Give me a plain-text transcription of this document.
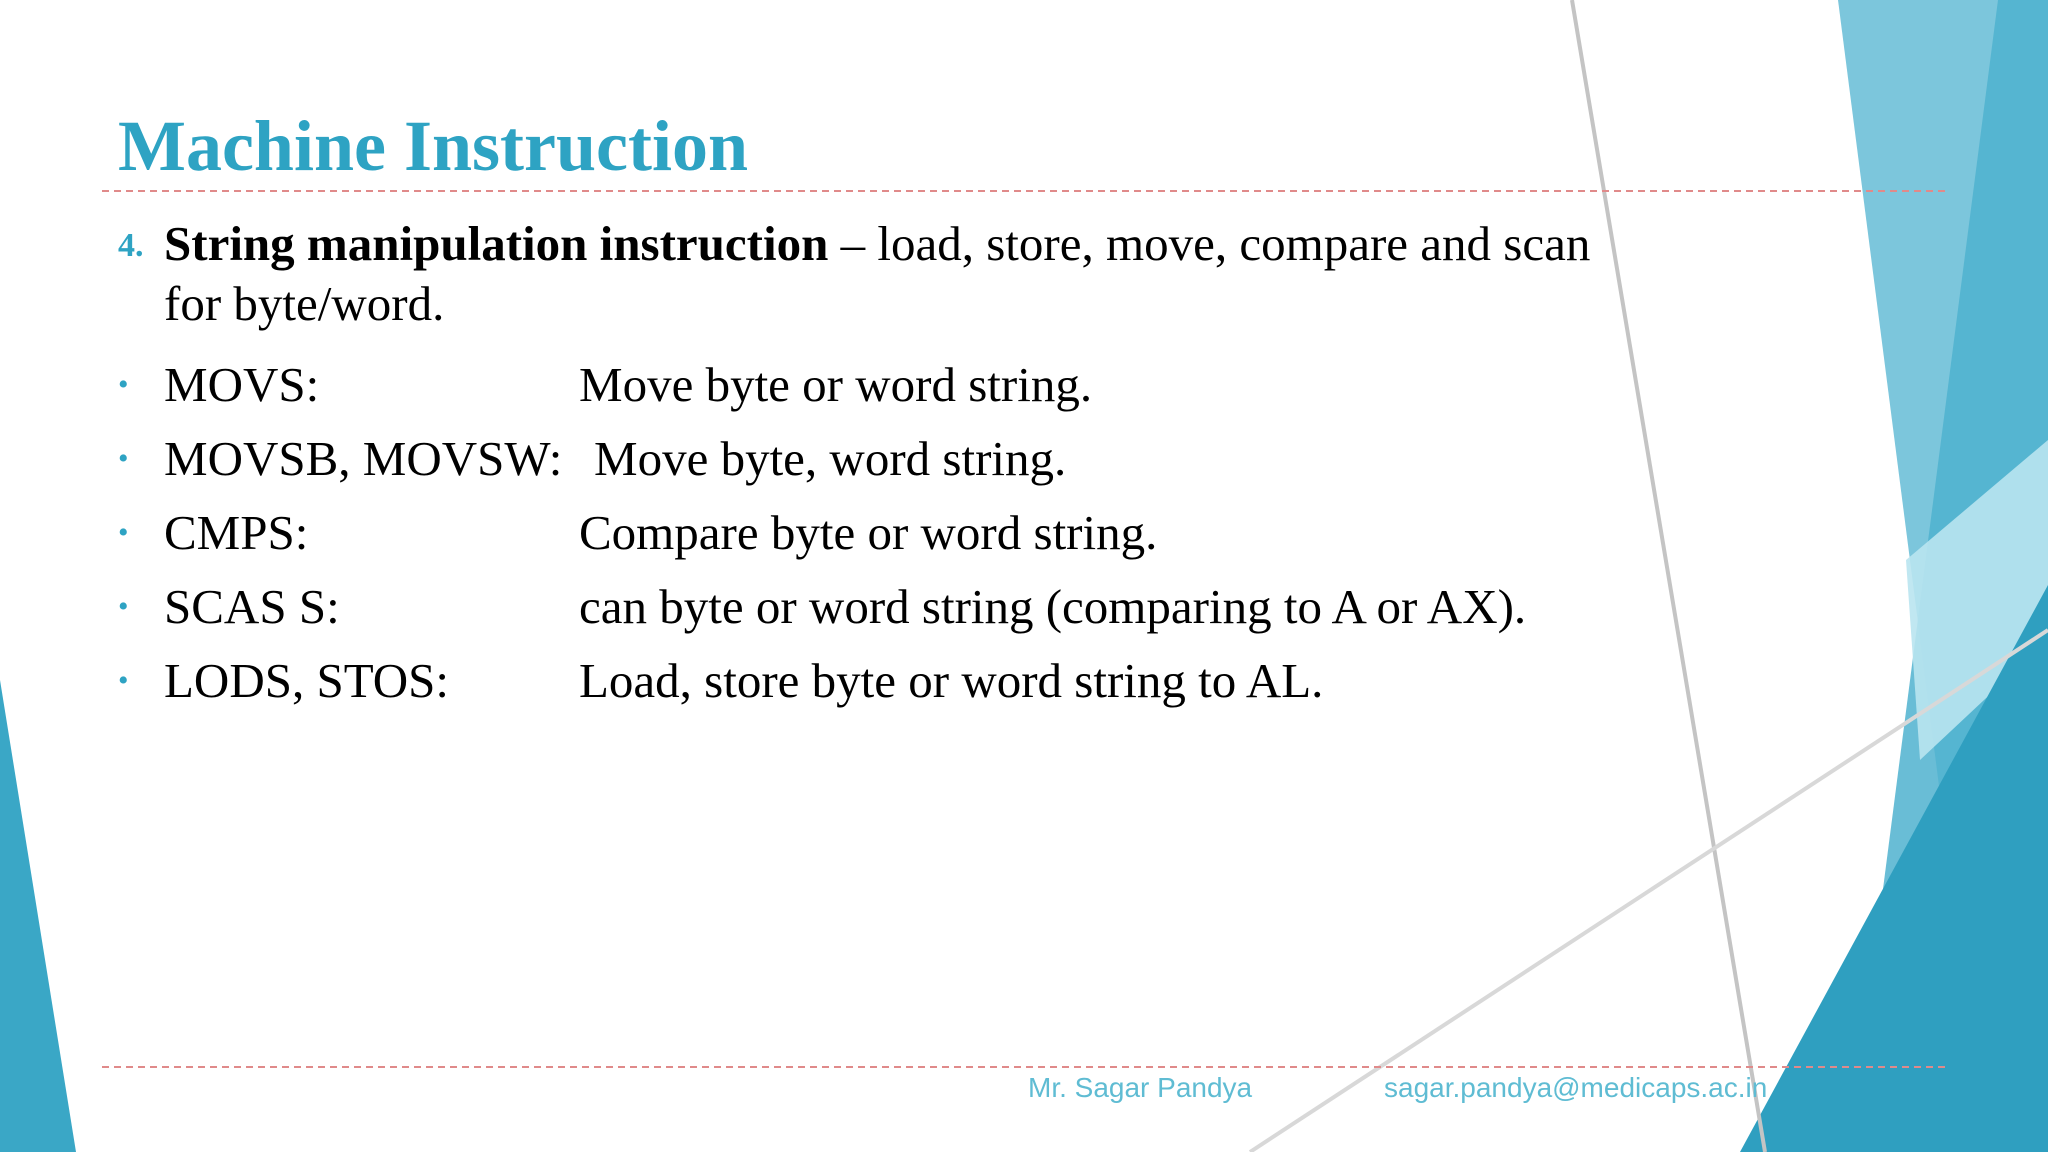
Machine Instruction
4. String manipulation instruction – load, store, move, compare and scan for byte/word.
• MOVS:	Move byte or word string.
• MOVSB, MOVSW: Move byte, word string.
• CMPS:	Compare byte or word string.
• SCAS S:	can byte or word string (comparing to A or AX).
• LODS, STOS:	Load, store byte or word string to AL.
Mr. Sagar Pandya	sagar.pandya@medicaps.ac.in
